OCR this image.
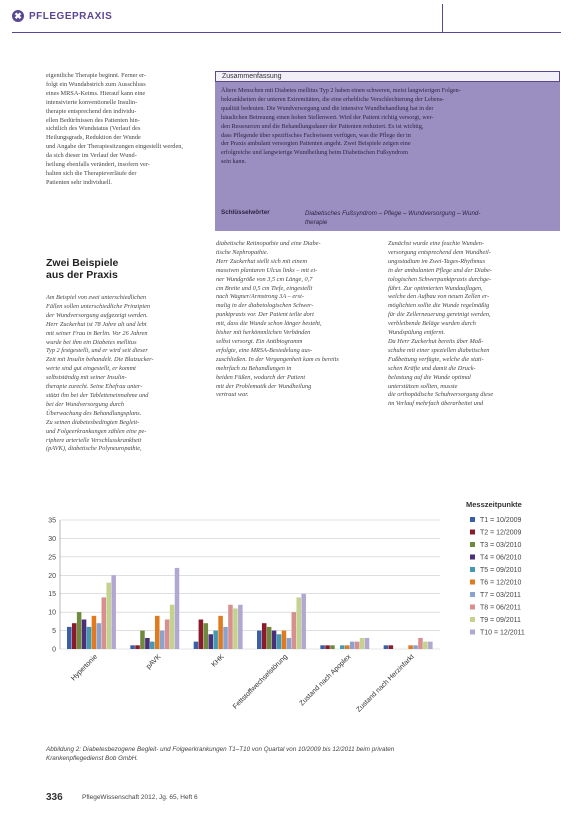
✖ PFLEGEPRAXIS
eigentliche Therapie beginnt. Ferner er-
folgt ein Wundabstrich zum Ausschluss
eines MRSA-Keims. Hierauf kann eine
intensivierte konventionelle Insulin-
therapie entsprechend den individu-
ellen Bedürfnissen des Patienten hin-
sichtlich des Wundstatus (Verlauf des
Heilungsgrads, Reduktion der Wunde
und Angabe der Therapiesitzungen eingestellt werden,
da sich dieser im Verlauf der Wund-
heilung ebenfalls verändert, insofern ver-
halten sich die Therapieverläufe der
Patienten sehr individuell.
Zusammenfassung
Ältere Menschen mit Diabetes mellitus Typ 2 haben einen schweren, meist langwierigen Folgen-
bekrankheiten der unteren Extremitäten, die eine erhebliche Verschlechterung der Lebens-
qualität bedeuten. Die Wundversorgung und die intensive Wundbehandlung hat in der
häuslichen Betreuung einen hohen Stellenwert. Wird der Patient richtig versorgt, wer-
den Ressourcen und die Behandlungsdauer der Patienten reduziert. Es ist wichtig,
dass Pflegende über spezifisches Fachwissen verfügen, was die Pflege der in
der Praxis ambulant versorgten Patienten angeht. Zwei Beispiele zeigen eine
erfolgreiche und langwierige Wundheilung beim Diabetischen Fußsyndrom
sein kann.
Schlüsselwörter	Diabetisches Fußsyndrom – Pflege – Wundversorgung – Wund-
therapie
Zwei Beispiele
aus der Praxis
Am Beispiel von zwei unterschiedlichen
Fällen sollen unterschiedliche Prinzipien
der Wundversorgung aufgezeigt werden.
Herr Zuckerhut ist 78 Jahre alt und lebt
mit seiner Frau in Berlin. Vor 26 Jahren
wurde bei ihm ein Diabetes mellitus
Typ 2 festgestellt, und er wird seit dieser
Zeit mit Insulin behandelt. Die Blutzucker-
werte sind gut eingestellt, er kommt
selbstständig mit seiner Insulin-
therapie zurecht. Seine Ehefrau unter-
stützt ihn bei der Tabletteneinnahme und
bei der Wundversorgung durch
Überwachung des Behandlungsplans.
Zu seinen diabetesbedingten Begleit-
und Folgeerkrankungen zählen eine pe-
riphere arterielle Verschlusskrankheit
(pAVK), diabetische Polyneuropathie,
diabetische Retinopathie und eine Diabe-
tische Nephropathie.
Herr Zuckerhut stellt sich mit einem
massiven plantaren Ulcus links – mit ei-
ner Wundgröße von 3,5 cm Länge, 0,7
cm Breite und 0,5 cm Tiefe, eingestellt
nach Wagner/Armstrong 3A – erst-
malig in der diabetologischen Schwer-
punktpraxis vor. Der Patient teilte dort
mit, dass die Wunde schon länger besteht,
bisher mit herkömmlichen Verbänden
selbst versorgt. Ein Antibiogramm
erfolgte, eine MRSA-Besiedelung aus-
zuschließen. In der Vergangenheit kam es bereits
mehrfach zu Behandlungen in
beiden Füßen, wodurch der Patient
mit der Problematik der Wundheilung
vertraut war.
Zunächst wurde eine feuchte Wunden-
versorgung entsprechend dem Wundheil-
ungsstadium im Zwei-Tages-Rhythmus
in der ambulanten Pflege und der Diabe-
tologischen Schwerpunktpraxis durchge-
führt. Zur optimierten Wundauflagen,
welche den Aufbau von neuen Zellen er-
möglichten sollte die Wunde regelmäßig
für die Zellerneuerung gereinigt werden,
verbleibende Beläge wurden durch
Wundspülung entfernt.
Da Herr Zuckerhut bereits über Maß-
schuhe mit einer speziellen diabetischen
Fußbettung verfügte, welche die stati-
schen Kräfte und damit die Druck-
belastung auf die Wunde optimal
unterstützen sollten, musste
die orthopädische Schuhversorgung diese
im Verlauf mehrfach überarbeitet und
0
5
10
15
20
25
30
35
Hypertonie	pAVK	KHK Fettstoffwechselstörung Zustand nach Apoplex Zustand nach Herzinfarkt
Messzeitpunkte
T1 = 10/2009
T2 = 12/2009
T3 = 03/2010
T4 = 06/2010
T5 = 09/2010
T6 = 12/2010
T7 = 03/2011
T8 = 06/2011
T9 = 09/2011
T10 = 12/2011
Abbildung 2: Diabetesbezogene Begleit- und Folgeerkrankungen T1–T10 von Quartal von 10/2009 bis 12/2011 beim privaten
Krankenpflegedienst Bob GmbH.
336	PflegeWissenschaft 2012, Jg. 65, Heft 6
